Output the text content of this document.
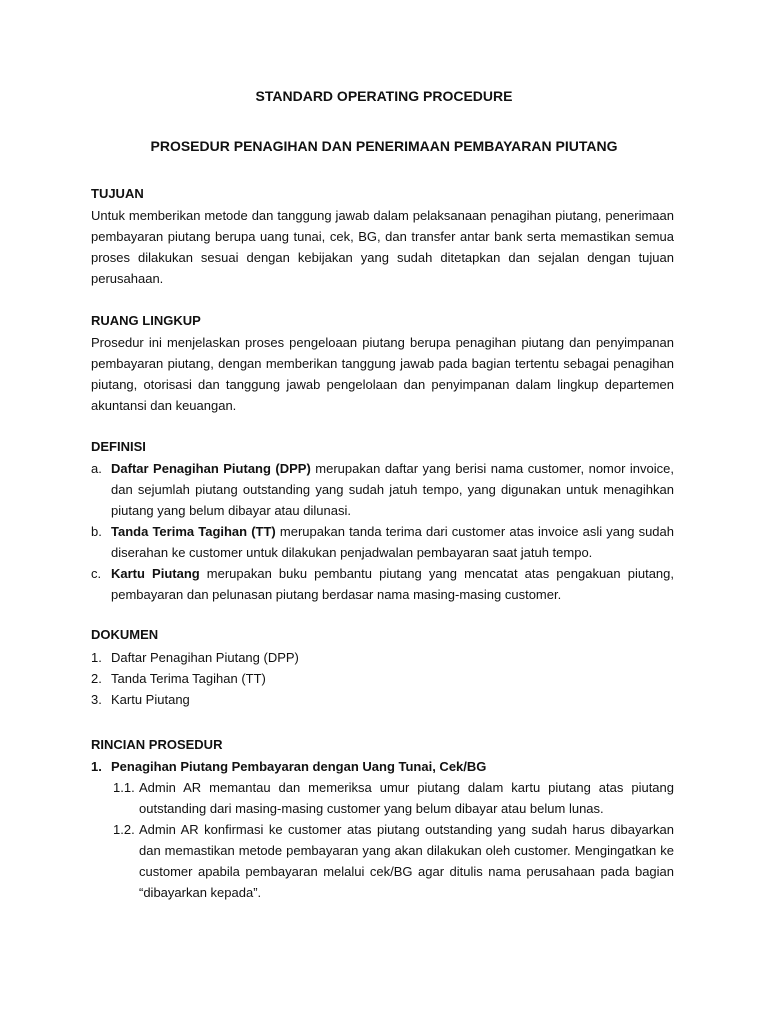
STANDARD OPERATING PROCEDURE
PROSEDUR PENAGIHAN DAN PENERIMAAN PEMBAYARAN PIUTANG
TUJUAN
Untuk memberikan metode dan tanggung jawab dalam pelaksanaan penagihan piutang, penerimaan pembayaran piutang berupa uang tunai, cek, BG, dan transfer antar bank serta memastikan semua proses dilakukan sesuai dengan kebijakan yang sudah ditetapkan dan sejalan dengan tujuan perusahaan.
RUANG LINGKUP
Prosedur ini menjelaskan proses pengeloaan piutang berupa penagihan piutang dan penyimpanan pembayaran piutang, dengan memberikan tanggung jawab pada bagian tertentu sebagai penagihan piutang, otorisasi dan tanggung jawab pengelolaan dan penyimpanan dalam lingkup departemen akuntansi dan keuangan.
DEFINISI
a. Daftar Penagihan Piutang (DPP) merupakan daftar yang berisi nama customer, nomor invoice, dan sejumlah piutang outstanding yang sudah jatuh tempo, yang digunakan untuk menagihkan piutang yang belum dibayar atau dilunasi.
b. Tanda Terima Tagihan (TT) merupakan tanda terima dari customer atas invoice asli yang sudah diserahan ke customer untuk dilakukan penjadwalan pembayaran saat jatuh tempo.
c. Kartu Piutang merupakan buku pembantu piutang yang mencatat atas pengakuan piutang, pembayaran dan pelunasan piutang berdasar nama masing-masing customer.
DOKUMEN
1. Daftar Penagihan Piutang (DPP)
2. Tanda Terima Tagihan (TT)
3. Kartu Piutang
RINCIAN PROSEDUR
1. Penagihan Piutang Pembayaran dengan Uang Tunai, Cek/BG
1.1. Admin AR memantau dan memeriksa umur piutang dalam kartu piutang atas piutang outstanding dari masing-masing customer yang belum dibayar atau belum lunas.
1.2. Admin AR konfirmasi ke customer atas piutang outstanding yang sudah harus dibayarkan dan memastikan metode pembayaran yang akan dilakukan oleh customer. Mengingatkan ke customer apabila pembayaran melalui cek/BG agar ditulis nama perusahaan pada bagian “dibayarkan kepada”.
